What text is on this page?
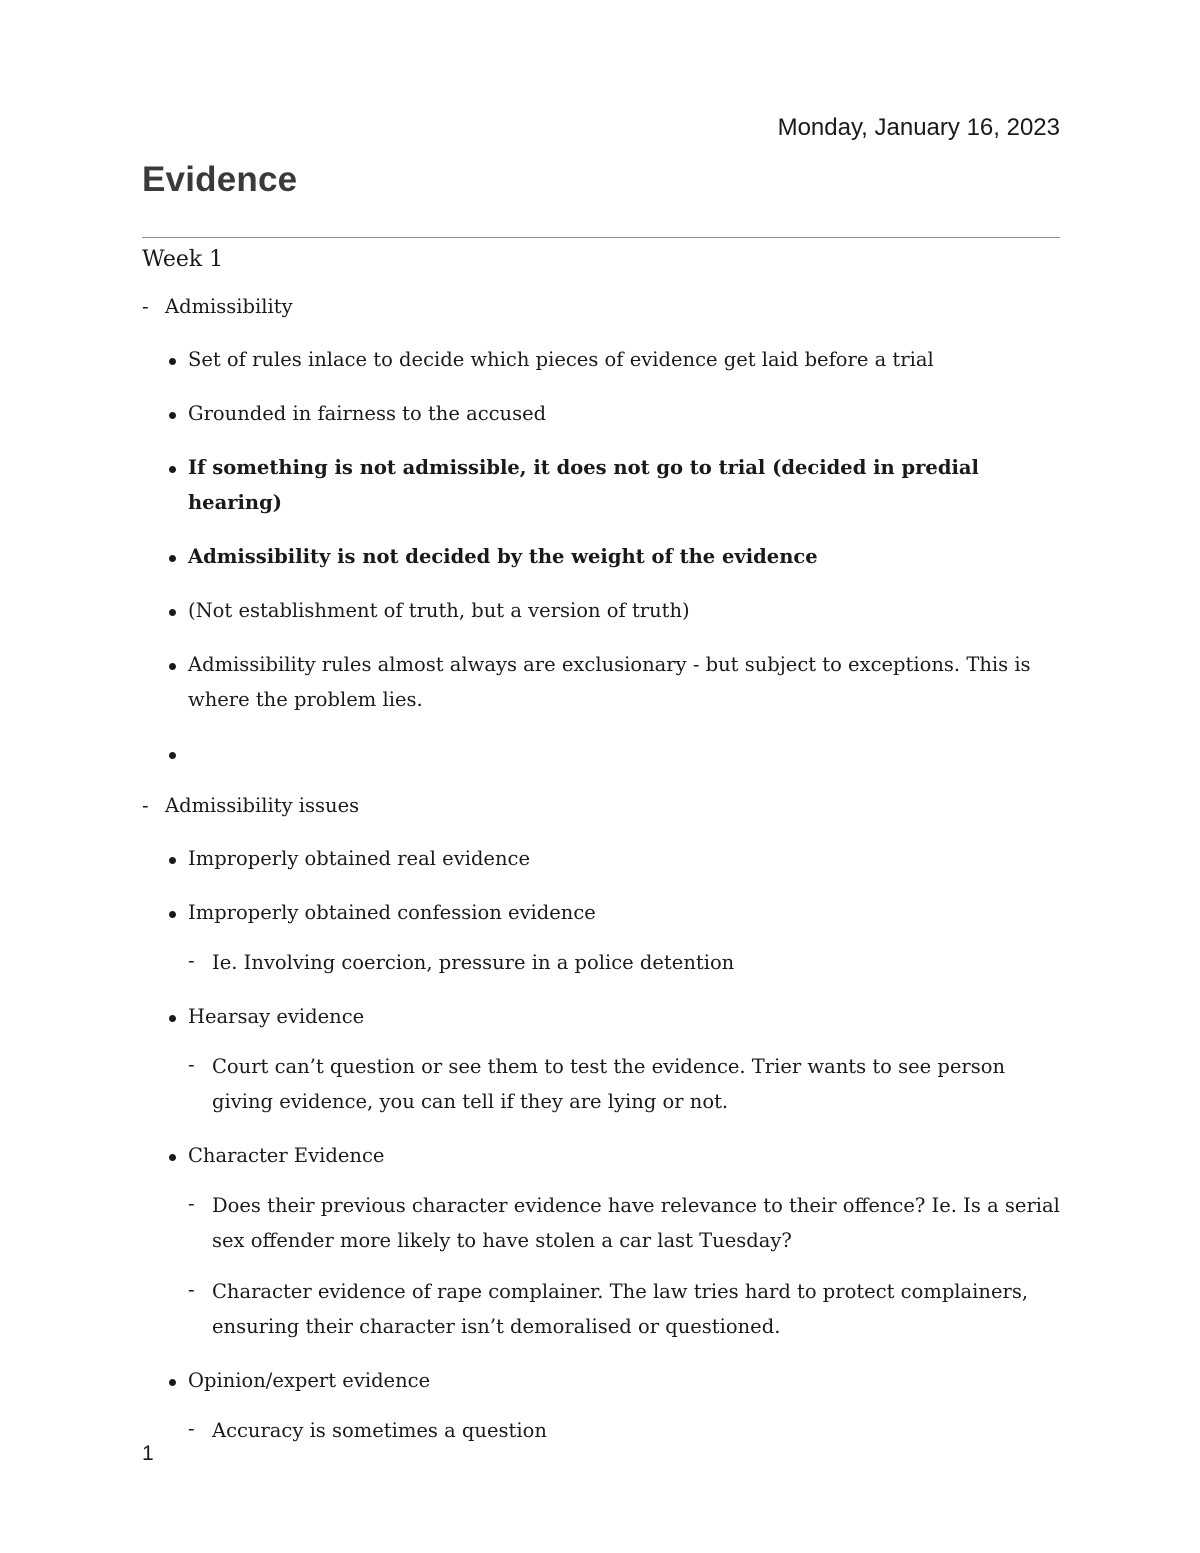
Monday, January 16, 2023

Evidence
Week 1
- Admissibility
Set of rules inlace to decide which pieces of evidence get laid before a trial
Grounded in fairness to the accused
If something is not admissible, it does not go to trial (decided in predial hearing)
Admissibility is not decided by the weight of the evidence
(Not establishment of truth, but a version of truth)
Admissibility rules almost always are exclusionary - but subject to exceptions. This is where the problem lies.

- Admissibility issues
Improperly obtained real evidence
Improperly obtained confession evidence
- Ie. Involving coercion, pressure in a police detention
Hearsay evidence
- Court can’t question or see them to test the evidence. Trier wants to see person giving evidence, you can tell if they are lying or not.
Character Evidence
- Does their previous character evidence have relevance to their offence? Ie. Is a serial sex offender more likely to have stolen a car last Tuesday?
- Character evidence of rape complainer. The law tries hard to protect complainers, ensuring their character isn’t demoralised or questioned.
Opinion/expert evidence
- Accuracy is sometimes a question
1
